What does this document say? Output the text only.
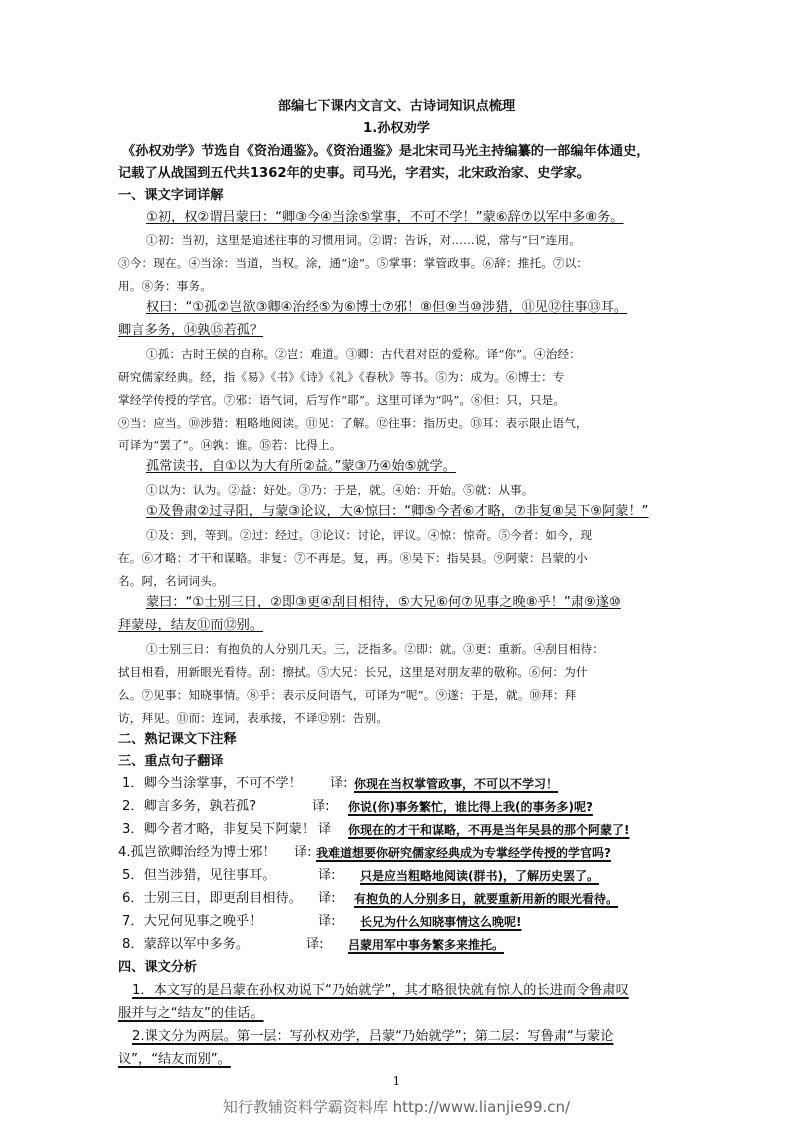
部编七下课内文言文、古诗词知识点梳理
1.孙权劝学
《孙权劝学》节选自《资治通鉴》。《资治通鉴》是北宋司马光主持编纂的一部编年体通史，
记载了从战国到五代共1362年的史事。司马光，字君实，北宋政治家、史学家。
一、课文字词详解
①初，权②谓吕蒙曰：“卿③今④当涂⑤掌事，不可不学！”蒙⑥辞⑦以军中多⑧务。
①初：当初，这里是追述往事的习惯用词。②谓：告诉，对……说，常与“曰”连用。
③今：现在。④当涂：当道，当权。涂，通“途”。⑤掌事：掌管政事。⑥辞：推托。⑦以：
用。⑧务：事务。
权曰：“①孤②岂欲③卿④治经⑤为⑥博士⑦邪！⑧但⑨当⑩涉猎，⑪见⑫往事⑬耳。
卿言多务，⑭孰⑮若孤？
①孤：古时王侯的自称。②岂：难道。③卿：古代君对臣的爱称。译“你”。④治经：
研究儒家经典。经，指《易》《书》《诗》《礼》《春秋》等书。⑤为：成为。⑥博士：专
掌经学传授的学官。⑦邪：语气词，后写作“耶”。这里可译为“吗”。⑧但：只，只是。
⑨当：应当。⑩涉猎：粗略地阅读。⑪见：了解。⑫往事：指历史。⑬耳：表示限止语气，
可译为“罢了”。⑭孰：谁。⑮若：比得上。
孤常读书，自①以为大有所②益。”蒙③乃④始⑤就学。
①以为：认为。②益：好处。③乃：于是，就。④始：开始。⑤就：从事。
①及鲁肃②过寻阳，与蒙③论议，大④惊曰：“卿⑤今者⑥才略，⑦非复⑧吴下⑨阿蒙！”
①及：到，等到。②过：经过。③论议：讨论，评议。④惊：惊奇。⑤今者：如今，现
在。⑥才略：才干和谋略。非复：⑦不再是。复，再。⑧吴下：指吴县。⑨阿蒙：吕蒙的小
名。阿，名词词头。
蒙曰：“①士别三日，②即③更④刮目相待，⑤大兄⑥何⑦见事之晚⑧乎！”肃⑨遂⑩
拜蒙母，结友⑪而⑫别。
①士别三日：有抱负的人分别几天。三，泛指多。②即：就。③更：重新。④刮目相待：
拭目相看，用新眼光看待。刮：擦拭。⑤大兄：长兄，这里是对朋友辈的敬称。⑥何：为什
么。⑦见事：知晓事情。⑧乎：表示反问语气，可译为“呢”。⑨遂：于是，就。⑩拜：拜
访，拜见。⑪而：连词，表承接，不译⑫别：告别。
二、熟记课文下注释
三、重点句子翻译
1．卿今当涂掌事，不可不学！ 译: 你现在当权掌管政事，不可以不学习！
2．卿言多务，孰若孤?	译: 你说(你)事务繁忙，谁比得上我(的事务多)呢?
3．卿今者才略，非复吴下阿蒙！ 译 你现在的才干和谋略，不再是当年吴县的那个阿蒙了!
4.孤岂欲卿治经为博士邪！ 译: 我难道想要你研究儒家经典成为专掌经学传授的学官吗?
5．但当涉猎，见往事耳。	译: 只是应当粗略地阅读(群书)，了解历史罢了。
6．士别三日，即更刮目相待。 译: 有抱负的人分别多日，就要重新用新的眼光看待。
7．大兄何见事之晚乎！	译: 长兄为什么知晓事情这么晚呢!
8．蒙辞以军中多务。	译: 吕蒙用军中事务繁多来推托。
四、课文分析
1．本文写的是吕蒙在孙权劝说下“乃始就学”，其才略很快就有惊人的长进而令鲁肃叹
服并与之“结友”的佳话。
2.课文分为两层。第一层：写孙权劝学，吕蒙“乃始就学”；第二层：写鲁肃“与蒙论
议”，“结友而别”。
1
知行教辅资料学霸资料库 http://www.lianjie99.cn/
